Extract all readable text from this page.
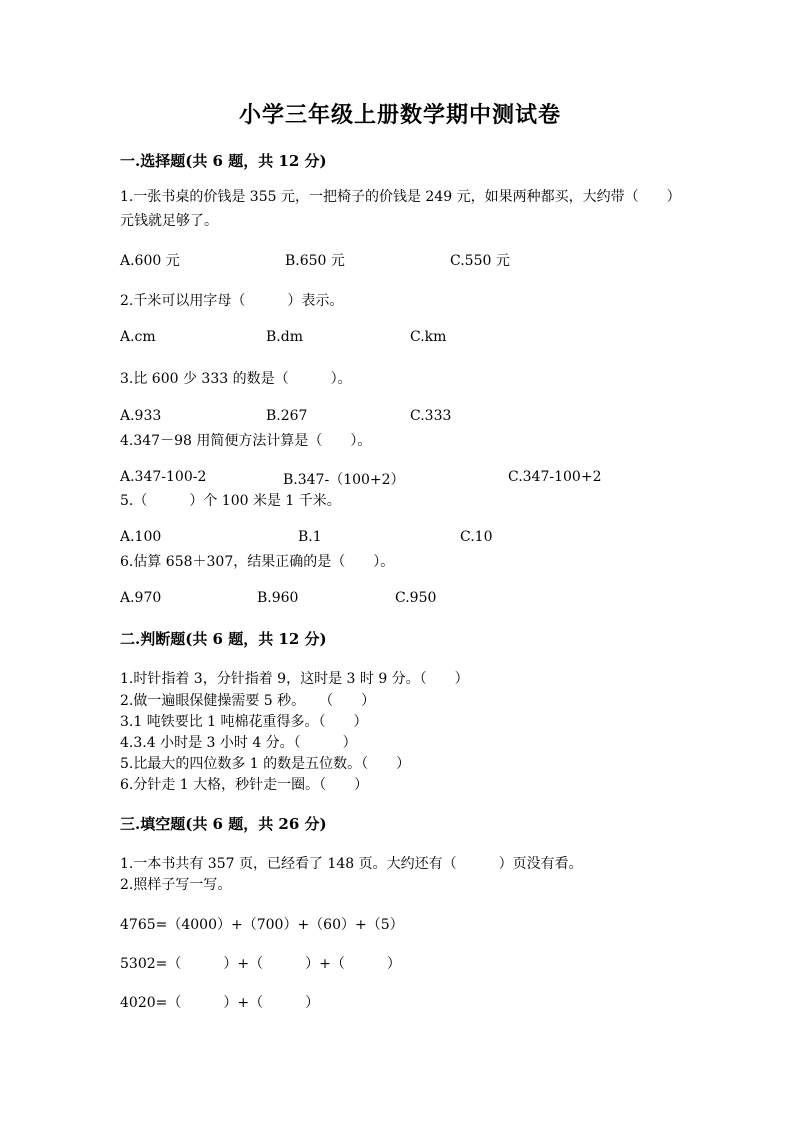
小学三年级上册数学期中测试卷
一.选择题(共 6 题，共 12 分)
1.一张书桌的价钱是 355 元，一把椅子的价钱是 249 元，如果两种都买，大约带（　　）元钱就足够了。
A.600 元	B.650 元	C.550 元
2.千米可以用字母（　　　）表示。
A.cm	B.dm	C.km
3.比 600 少 333 的数是（　　　）。
A.933	B.267	C.333
4.347－98 用简便方法计算是（　　）。
A.347-100-2	B.347-（100+2）	C.347-100+2
5.（　　　）个 100 米是 1 千米。
A.100	B.1	C.10
6.估算 658＋307，结果正确的是（　　）。
A.970	B.960	C.950
二.判断题(共 6 题，共 12 分)
1.时针指着 3，分针指着 9，这时是 3 时 9 分。（　　）
2.做一遍眼保健操需要 5 秒。　　（　　）
3.1 吨铁要比 1 吨棉花重得多。（　　）
4.3.4 小时是 3 小时 4 分。（　　　）
5.比最大的四位数多 1 的数是五位数。（　　）
6.分针走 1 大格，秒针走一圈。（　　）
三.填空题(共 6 题，共 26 分)
1.一本书共有 357 页，已经看了 148 页。大约还有（　　　）页没有看。
2.照样子写一写。
4765=（4000）+（700）+（60）+（5）
5302=（　　　）+（　　　）+（　　　）
4020=（　　　）+（　　　）
